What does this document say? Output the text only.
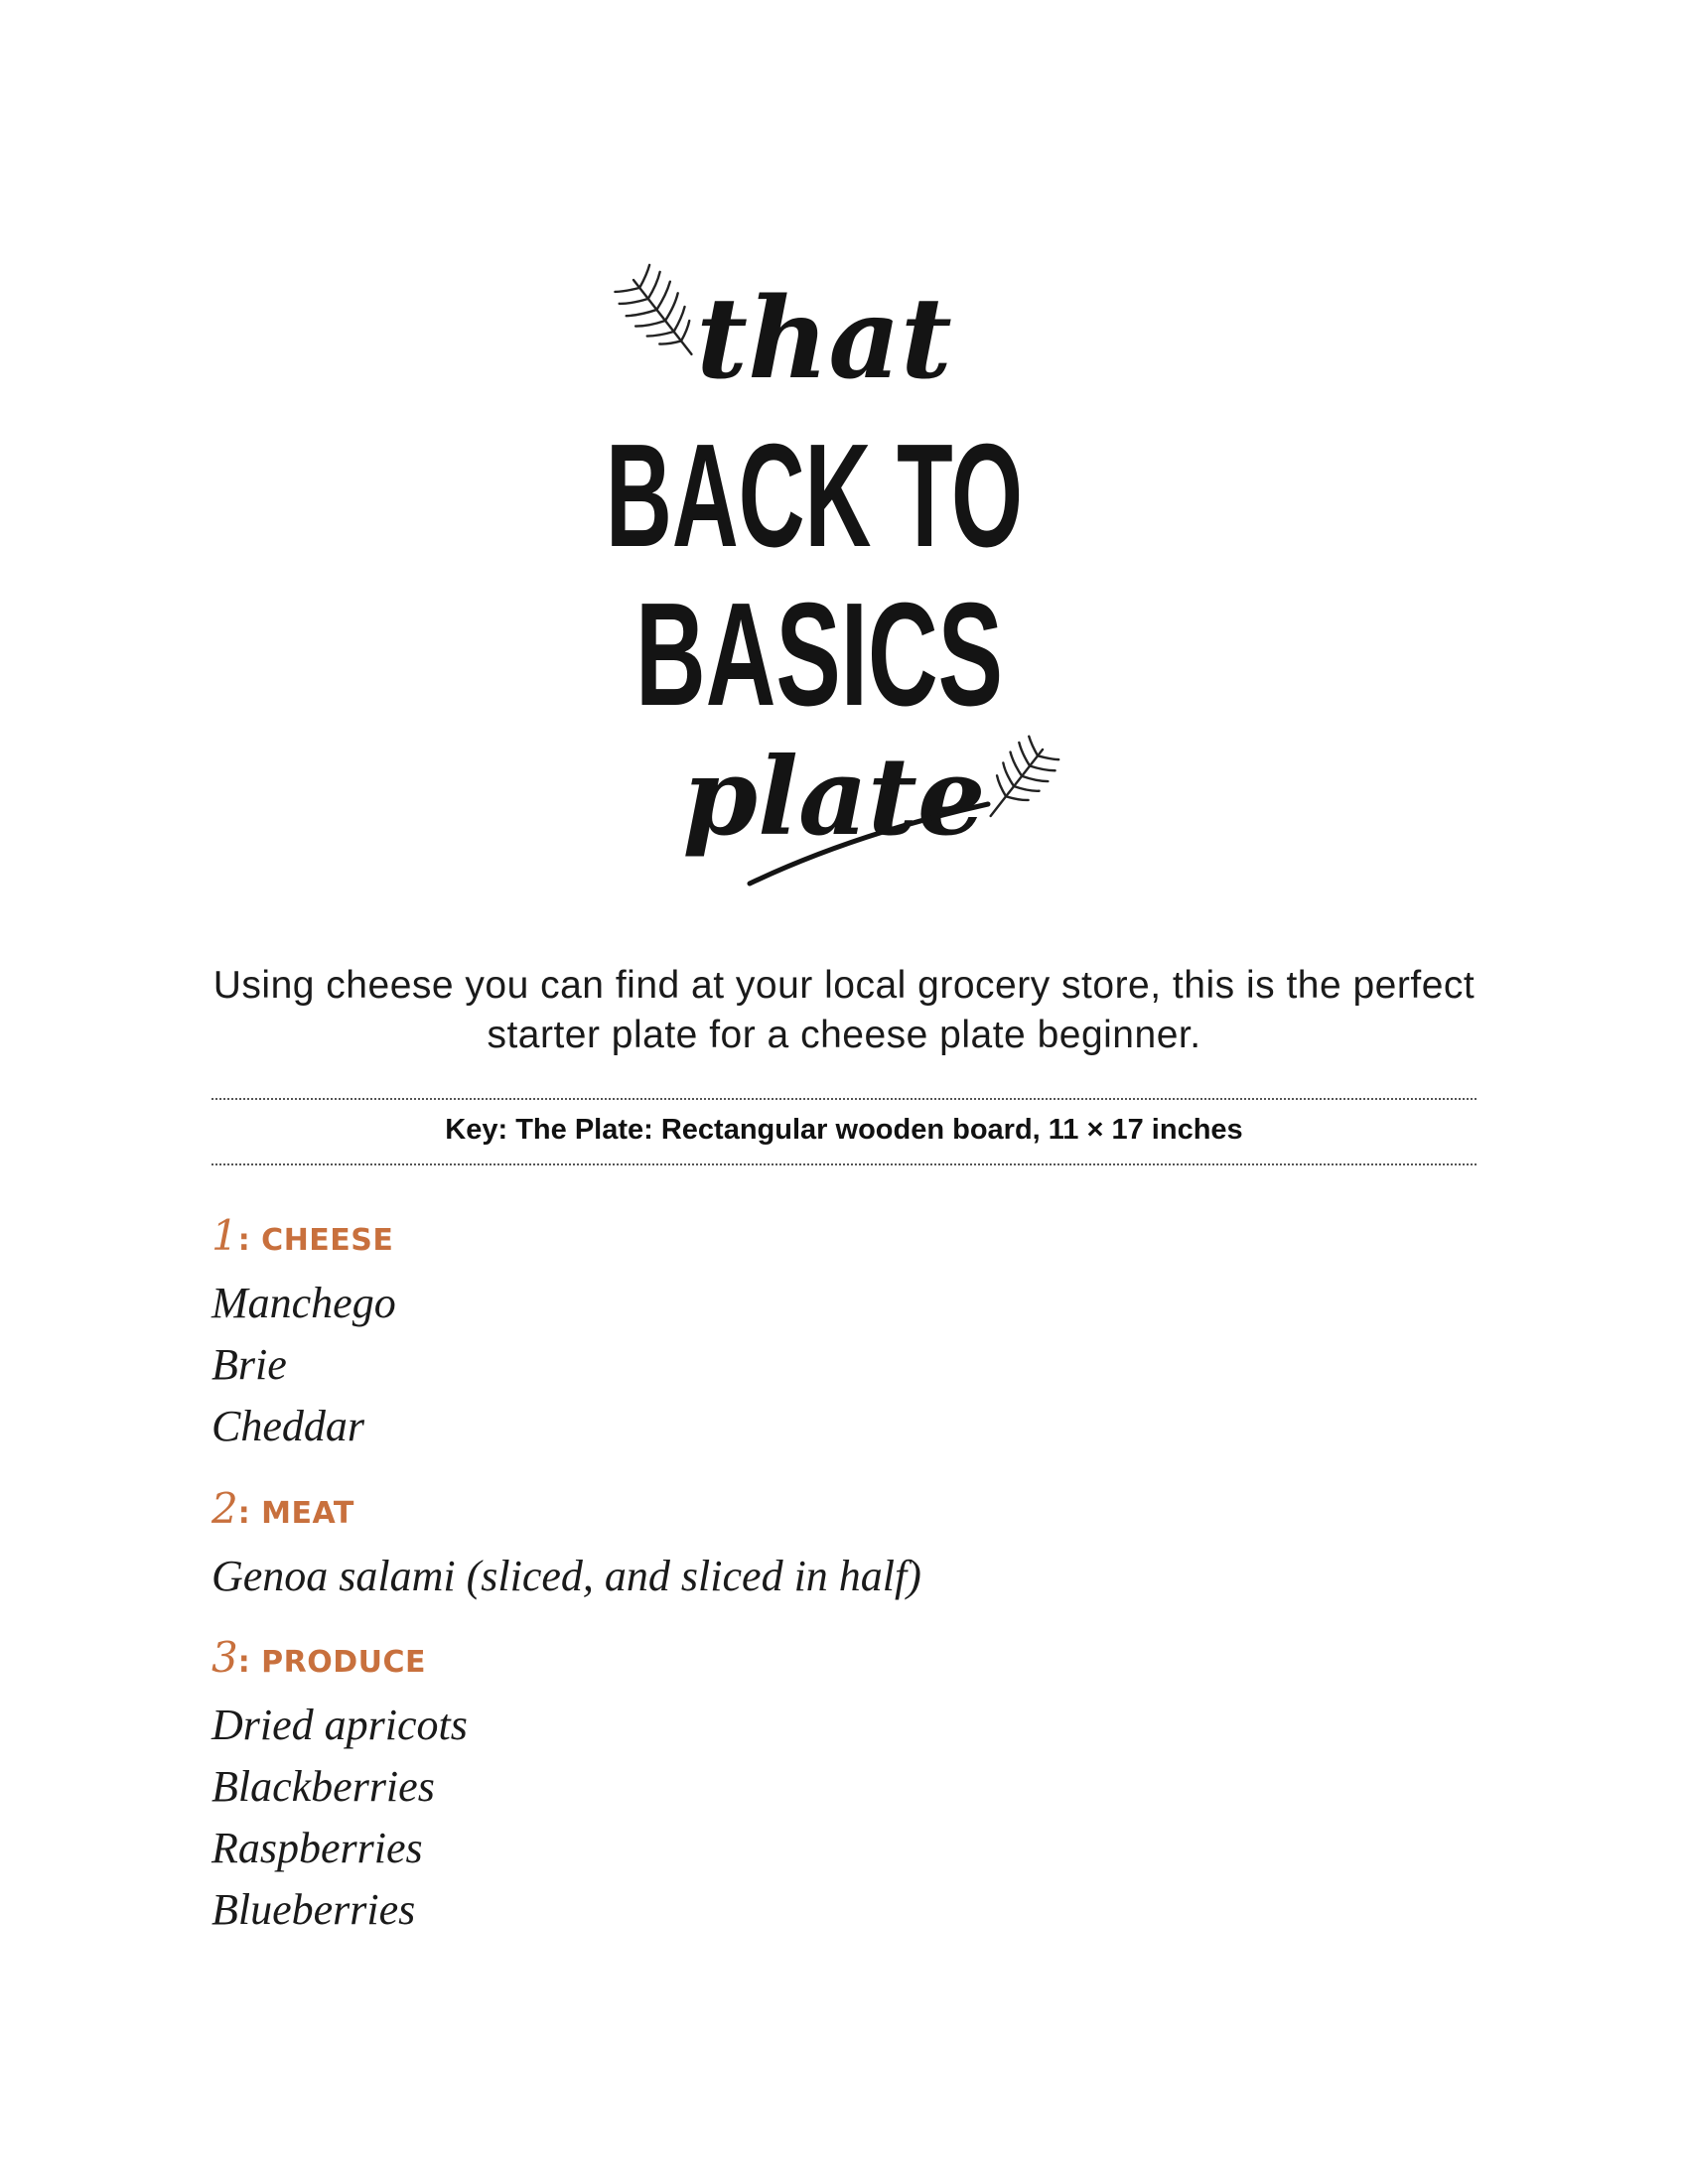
that
BACK TO
BASICS
plate
Using cheese you can find at your local grocery store, this is the perfect starter plate for a cheese plate beginner.
Key: The Plate: Rectangular wooden board, 11 × 17 inches
1 : CHEESE
Manchego
Brie
Cheddar
2 : MEAT
Genoa salami (sliced, and sliced in half)
3 : PRODUCE
Dried apricots
Blackberries
Raspberries
Blueberries
